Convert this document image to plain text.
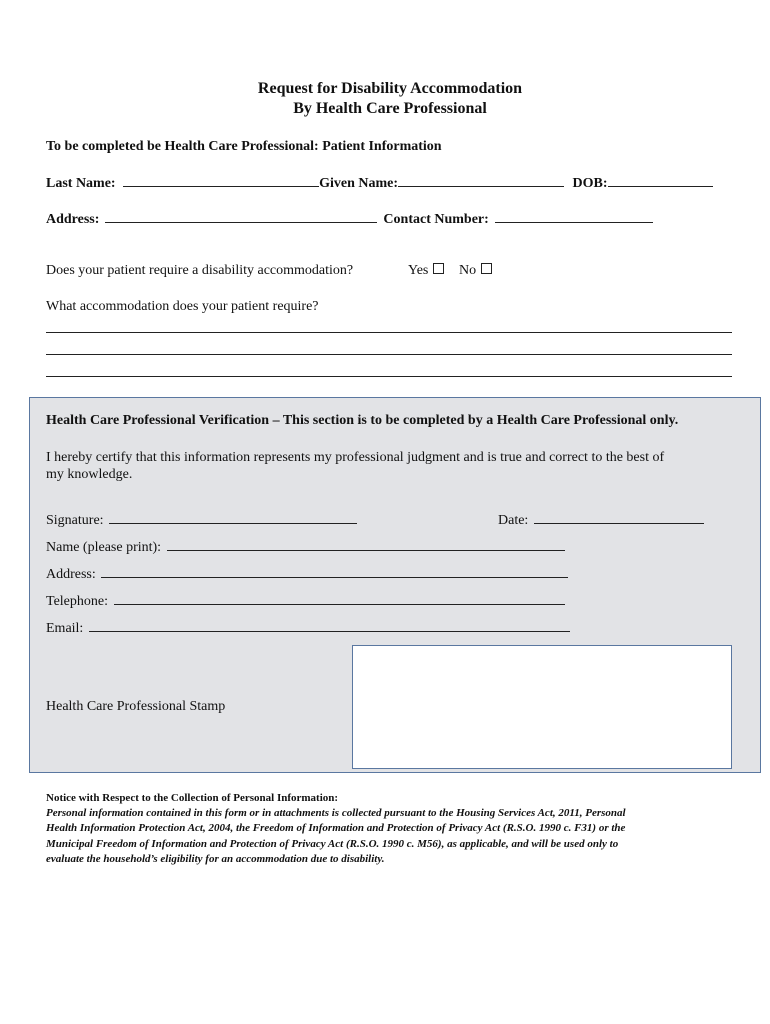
Request for Disability Accommodation
By Health Care Professional
To be completed be Health Care Professional: Patient Information
Last Name:	Given Name:	DOB:
Address:	Contact Number:
Does your patient require a disability accommodation?	Yes	No
What accommodation does your patient require?
Health Care Professional Verification – This section is to be completed by a Health Care Professional only.
I hereby certify that this information represents my professional judgment and is true and correct to the best of
my knowledge.
Signature:	Date:
Name (please print):
Address:
Telephone:
Email:
Health Care Professional Stamp
Notice with Respect to the Collection of Personal Information:
Personal information contained in this form or in attachments is collected pursuant to the Housing Services Act, 2011, Personal
Health Information Protection Act, 2004, the Freedom of Information and Protection of Privacy Act (R.S.O. 1990 c. F31) or the
Municipal Freedom of Information and Protection of Privacy Act (R.S.O. 1990 c. M56), as applicable, and will be used only to
evaluate the household’s eligibility for an accommodation due to disability.
